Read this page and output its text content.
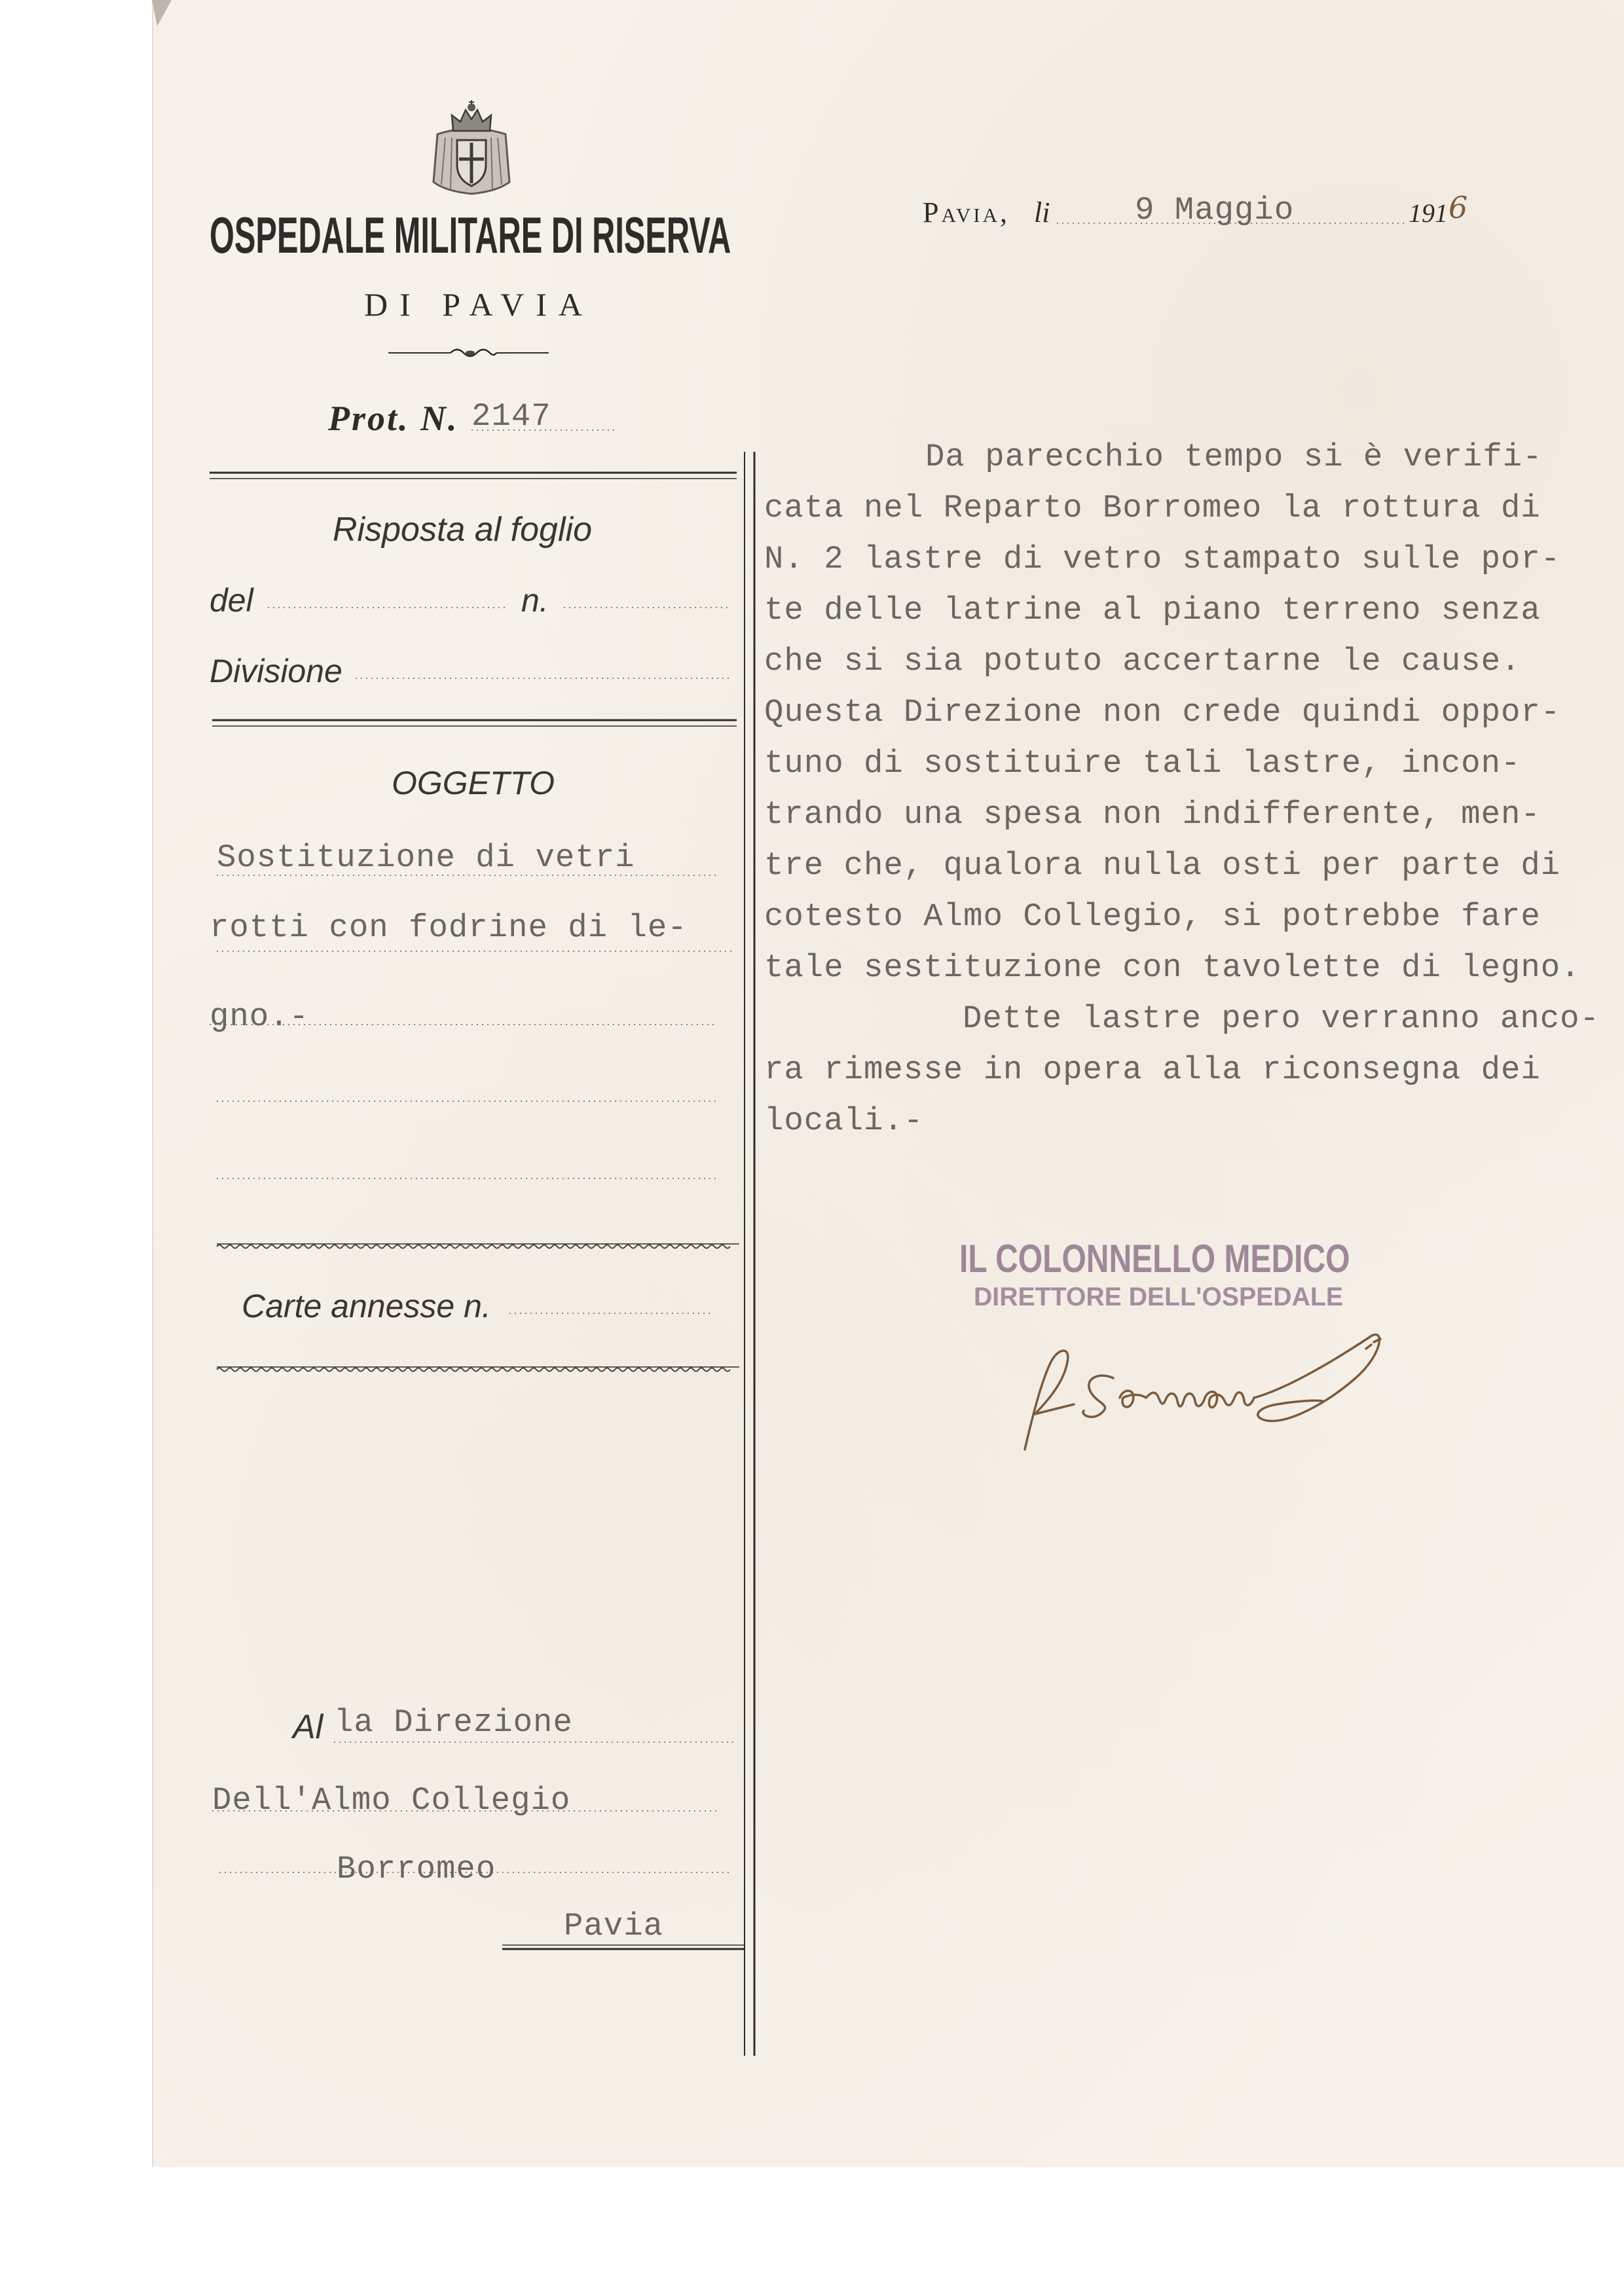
OSPEDALE MILITARE DI RISERVA
DI PAVIA
Prot. N. 2147
Pavia, li	9 Maggio	191 6
Risposta al foglio
del	n.
Divisione
OGGETTO
Sostituzione di vetri
rotti con fodrine di le-
gno.-
Carte annesse n.
Al la Direzione
Dell'Almo Collegio
Borromeo
Pavia
Da parecchio tempo si è verifi-
cata nel Reparto Borromeo la rottura di
N. 2 lastre di vetro stampato sulle por-
te delle latrine al piano terreno senza
che si sia potuto accertarne le cause.
Questa Direzione non crede quindi oppor-
tuno di sostituire tali lastre, incon-
trando una spesa non indifferente, men-
tre che, qualora nulla osti per parte di
cotesto Almo Collegio, si potrebbe fare
tale sestituzione con tavolette di legno.
Dette lastre pero verranno anco-
ra rimesse in opera alla riconsegna dei
locali.-
IL COLONNELLO MEDICO
DIRETTORE DELL'OSPEDALE
